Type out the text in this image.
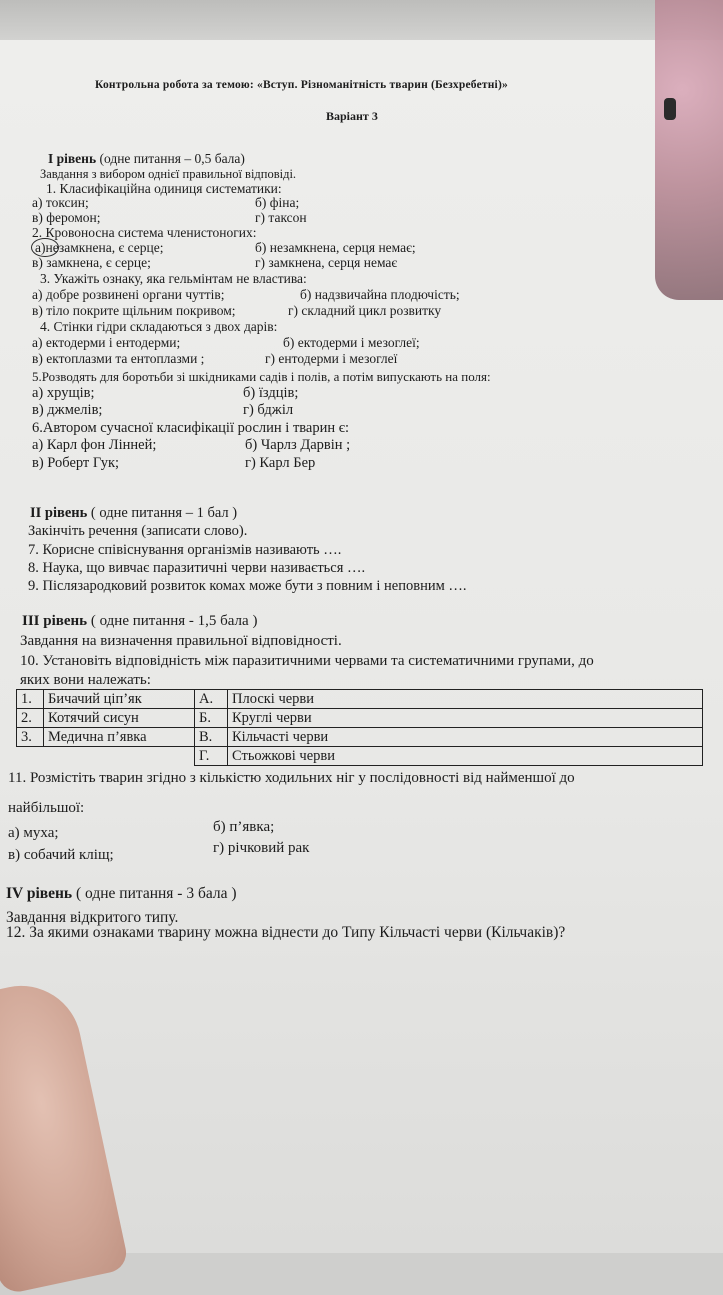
Контрольна робота за темою: «Вступ. Різноманітність тварин (Безхребетні)»
Варіант 3
І рівень (одне питання – 0,5 бала)
Завдання з вибором однієї правильної відповіді.
1. Класифікаційна одиниця систематики:
а) токсин;	б) фіна;
в) феромон;	г) таксон
2. Кровоносна система членистоногих:
а)незамкнена, є серце;	б) незамкнена, серця немає;
в) замкнена, є серце;	г) замкнена, серця немає
3. Укажіть ознаку, яка гельмінтам не властива:
а) добре розвинені органи чуттів;	б) надзвичайна плодючість;
в) тіло покрите щільним покривом;	г) складний цикл розвитку
4. Стінки гідри складаються з двох дарів:
а) ектодерми і ентодерми;	б) ектодерми і мезоглеї;
в) ектоплазми та ентоплазми ;	г) ентодерми і мезоглеї
5.Розводять для боротьби зі шкідниками садів і полів, а потім випускають на поля:
а) хрущів;	б) їздців;
в) джмелів;	г) бджіл
6.Автором сучасної класифікації рослин і тварин є:
а) Карл фон Лінней;	б) Чарлз Дарвін ;
в) Роберт Гук;	г) Карл Бер
ІІ рівень ( одне питання – 1 бал )
Закінчіть речення (записати слово).
7. Корисне співіснування організмів називають ….
8. Наука, що вивчає паразитичні черви називається ….
9. Післязародковий розвиток комах може бути з повним і неповним ….
ІІІ рівень ( одне питання - 1,5 бала )
Завдання на визначення правильної відповідності.
10. Установіть відповідність між паразитичними червами та систематичними групами, до
яких вони належать:
1.	Бичачий ціп’як	А.	Плоскі черви
2.	Котячий сисун	Б.	Круглі черви
3.	Медична п’явка	В.	Кільчасті черви
		Г.	Стьожкові черви
11. Розмістіть тварин згідно з кількістю ходильних ніг у послідовності від найменшої до
найбільшої:
а) муха;	б) п’явка;
в) собачий кліщ;	г) річковий рак
ІV рівень ( одне питання - 3 бала )
Завдання відкритого типу.
12. За якими ознаками тварину можна віднести до Типу Кільчасті черви (Кільчаків)?
